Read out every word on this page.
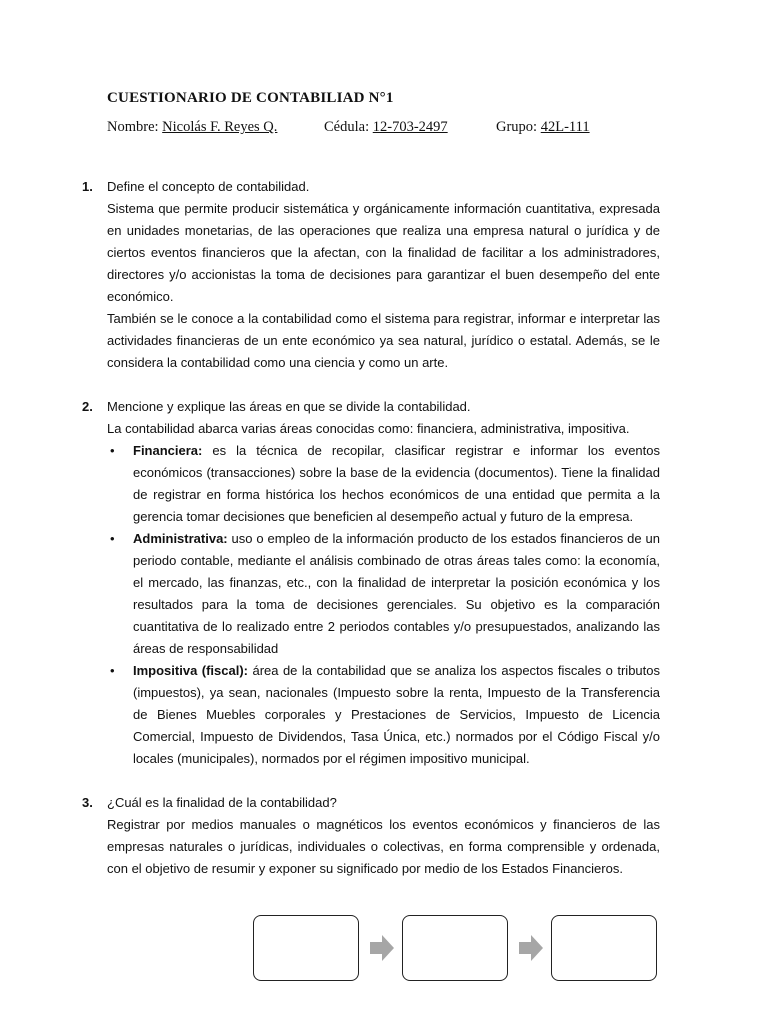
CUESTIONARIO DE CONTABILIAD N°1
Nombre: Nicolás F. Reyes Q.	Cédula: 12-703-2497	Grupo: 42L-111
1. Define el concepto de contabilidad.

Sistema que permite producir sistemática y orgánicamente información cuantitativa, expresada en unidades monetarias, de las operaciones que realiza una empresa natural o jurídica y de ciertos eventos financieros que la afectan, con la finalidad de facilitar a los administradores, directores y/o accionistas la toma de decisiones para garantizar el buen desempeño del ente económico.

También se le conoce a la contabilidad como el sistema para registrar, informar e interpretar las actividades financieras de un ente económico ya sea natural, jurídico o estatal. Además, se le considera la contabilidad como una ciencia y como un arte.

2. Mencione y explique las áreas en que se divide la contabilidad.

La contabilidad abarca varias áreas conocidas como: financiera, administrativa, impositiva.

• Financiera: es la técnica de recopilar, clasificar registrar e informar los eventos económicos (transacciones) sobre la base de la evidencia (documentos). Tiene la finalidad de registrar en forma histórica los hechos económicos de una entidad que permita a la gerencia tomar decisiones que beneficien al desempeño actual y futuro de la empresa.
• Administrativa: uso o empleo de la información producto de los estados financieros de un periodo contable, mediante el análisis combinado de otras áreas tales como: la economía, el mercado, las finanzas, etc., con la finalidad de interpretar la posición económica y los resultados para la toma de decisiones gerenciales. Su objetivo es la comparación cuantitativa de lo realizado entre 2 periodos contables y/o presupuestados, analizando las áreas de responsabilidad
• Impositiva (fiscal): área de la contabilidad que se analiza los aspectos fiscales o tributos (impuestos), ya sean, nacionales (Impuesto sobre la renta, Impuesto de la Transferencia de Bienes Muebles corporales y Prestaciones de Servicios, Impuesto de Licencia Comercial, Impuesto de Dividendos, Tasa Única, etc.) normados por el Código Fiscal y/o locales (municipales), normados por el régimen impositivo municipal.
3. ¿Cuál es la finalidad de la contabilidad?

Registrar por medios manuales o magnéticos los eventos económicos y financieros de las empresas naturales o jurídicas, individuales o colectivas, en forma comprensible y ordenada, con el objetivo de resumir y exponer su significado por medio de los Estados Financieros.
